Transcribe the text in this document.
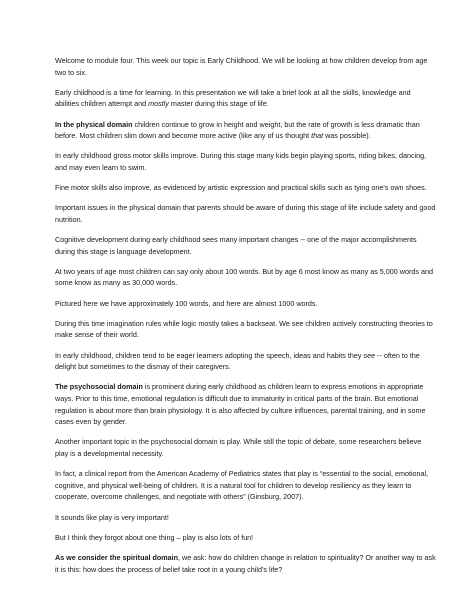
Welcome to module four. This week our topic is Early Childhood. We will be looking at how children develop from age two to six.

Early childhood is a time for learning. In this presentation we will take a brief look at all the skills, knowledge and abilities children attempt and mostly master during this stage of life.

In the physical domain children continue to grow in height and weight, but the rate of growth is less dramatic than before. Most children slim down and become more active (like any of us thought that was possible).

In early childhood gross motor skills improve. During this stage many kids begin playing sports, riding bikes, dancing, and may even learn to swim.

Fine motor skills also improve, as evidenced by artistic expression and practical skills such as tying one's own shoes.

Important issues in the physical domain that parents should be aware of during this stage of life include safety and good nutrition.

Cognitive development during early childhood sees many important changes -- one of the major accomplishments during this stage is language development.

At two years of age most children can say only about 100 words. But by age 6 most know as many as 5,000 words and some know as many as 30,000 words.

Pictured here we have approximately 100 words, and here are almost 1000 words.

During this time imagination rules while logic mostly takes a backseat. We see children actively constructing theories to make sense of their world.

In early childhood, children tend to be eager learners adopting the speech, ideas and habits they see -- often to the delight but sometimes to the dismay of their caregivers.

The psychosocial domain is prominent during early childhood as children learn to express emotions in appropriate ways. Prior to this time, emotional regulation is difficult due to immaturity in critical parts of the brain. But emotional regulation is about more than brain physiology. It is also affected by culture influences, parental training, and in some cases even by gender.

Another important topic in the psychosocial domain is play. While still the topic of debate, some researchers believe play is a developmental necessity.

In fact, a clinical report from the American Academy of Pediatrics states that play is “essential to the social, emotional, cognitive, and physical well-being of children. It is a natural tool for children to develop resiliency as they learn to cooperate, overcome challenges, and negotiate with others” (Ginsburg, 2007).

It sounds like play is very important!

But I think they forgot about one thing – play is also lots of fun!

As we consider the spiritual domain, we ask: how do children change in relation to spirituality? Or another way to ask it is this: how does the process of belief take root in a young child’s life?
